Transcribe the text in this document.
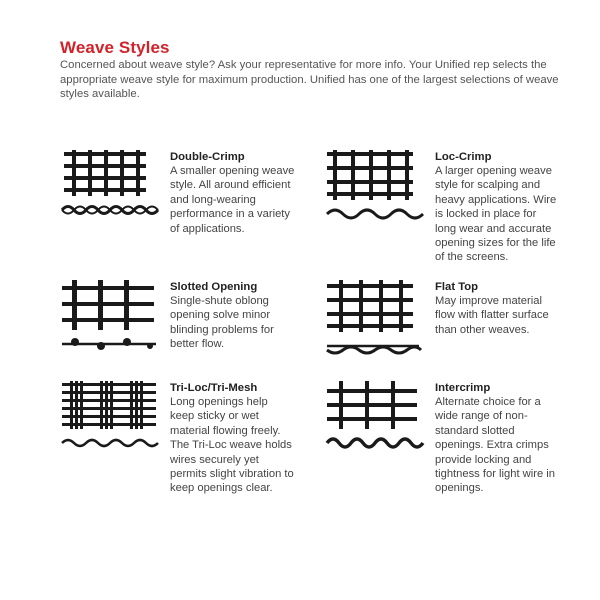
Weave Styles
Concerned about weave style? Ask your representative for more info. Your Unified rep selects the appropriate weave style for maximum production. Unified has one of the largest selections of weave styles available.
Double-Crimp
A smaller opening weave style. All around efficient and long-wearing performance in a variety of applications.
Loc-Crimp
A larger opening weave style for scalping and heavy applications. Wire is locked in place for long wear and accurate opening sizes for the life of the screens.
Slotted Opening
Single-shute oblong opening solve minor blinding problems for better flow.
Flat Top
May improve material flow with flatter surface than other weaves.
Tri-Loc/Tri-Mesh
Long openings help keep sticky or wet material flowing freely. The Tri-Loc weave holds wires securely yet permits slight vibration to keep openings clear.
Intercrimp
Alternate choice for a wide range of non-standard slotted openings. Extra crimps provide locking and tightness for light wire in openings.
